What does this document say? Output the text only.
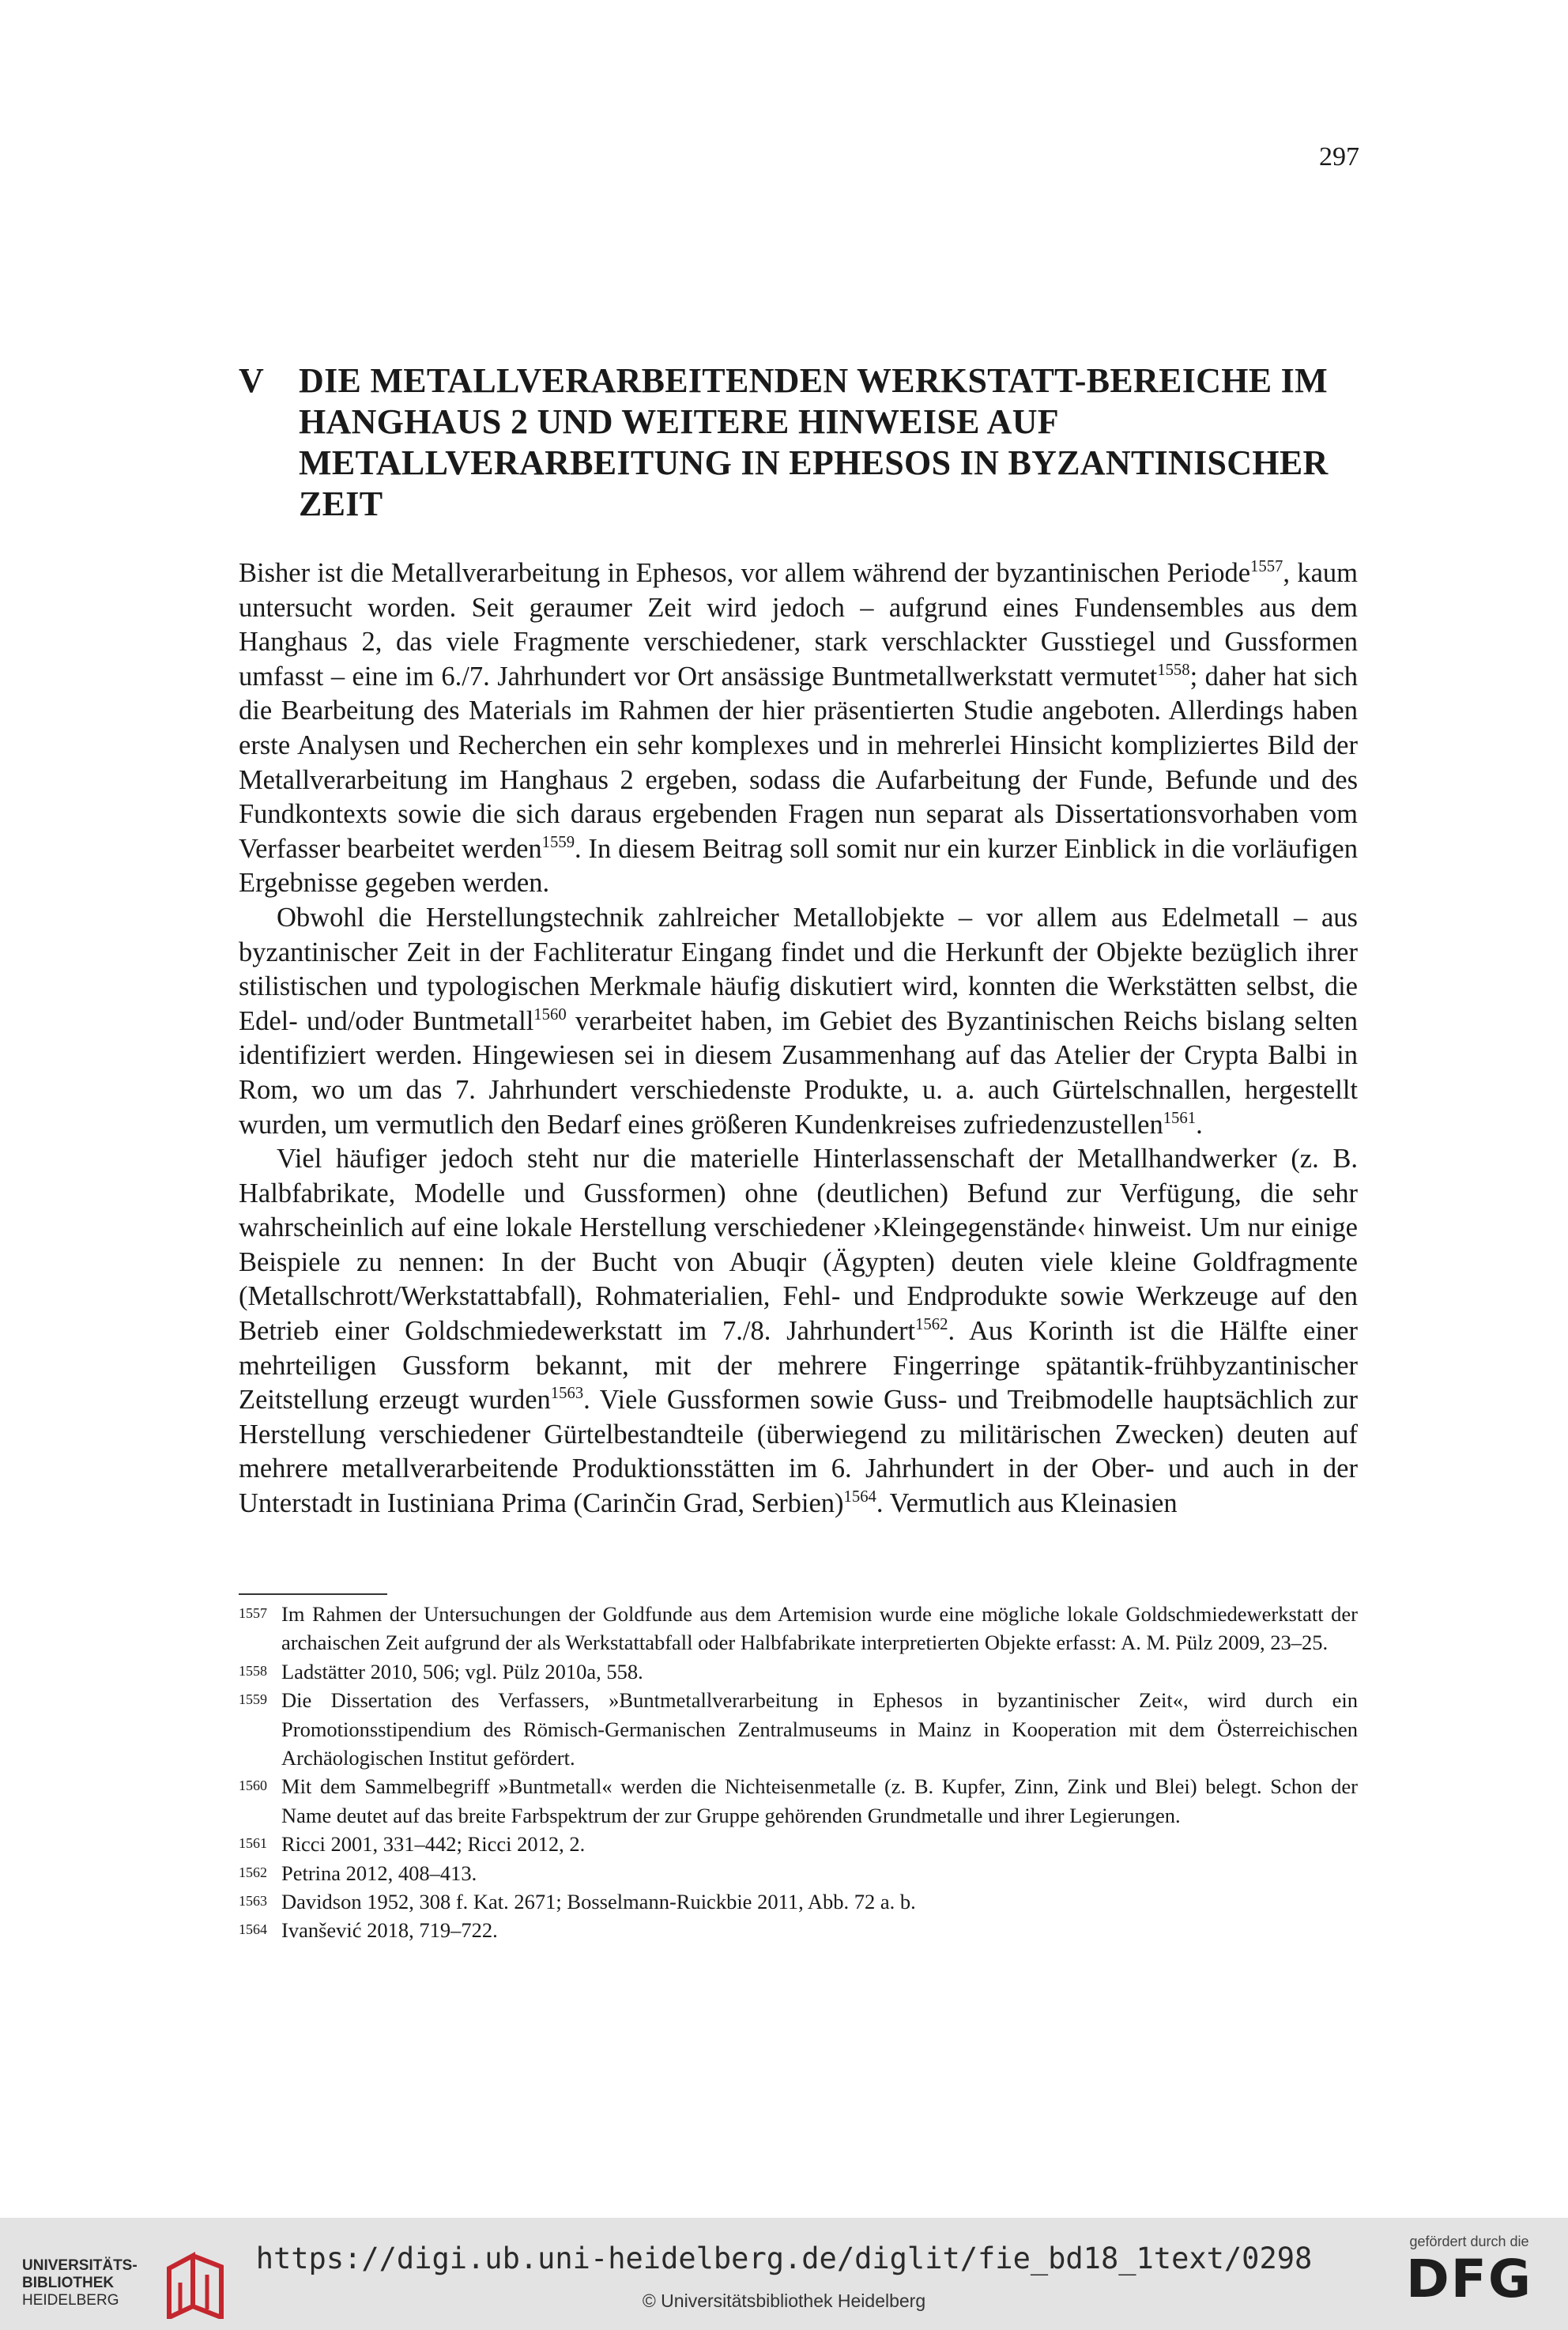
297
V DIE METALLVERARBEITENDEN WERKSTATT-BEREICHE IM HANGHAUS 2 UND WEITERE HINWEISE AUF METALLVERARBEITUNG IN EPHESOS IN BYZANTINISCHER ZEIT

Bisher ist die Metallverarbeitung in Ephesos, vor allem während der byzantinischen Periode$^{1557}$, kaum untersucht worden. Seit geraumer Zeit wird jedoch – aufgrund eines Fundensembles aus dem Hanghaus 2, das viele Fragmente verschiedener, stark verschlackter Gusstiegel und Gussformen umfasst – eine im 6./7. Jahrhundert vor Ort ansässige Buntmetallwerkstatt vermutet$^{1558}$; daher hat sich die Bearbeitung des Materials im Rahmen der hier präsentierten Studie angeboten. Allerdings haben erste Analysen und Recherchen ein sehr komplexes und in mehrerlei Hinsicht kompliziertes Bild der Metallverarbeitung im Hanghaus 2 ergeben, sodass die Aufarbeitung der Funde, Befunde und des Fundkontexts sowie die sich daraus ergebenden Fragen nun separat als Dissertationsvorhaben vom Verfasser bearbeitet werden$^{1559}$. In diesem Beitrag soll somit nur ein kurzer Einblick in die vorläufigen Ergebnisse gegeben werden.

Obwohl die Herstellungstechnik zahlreicher Metallobjekte – vor allem aus Edelmetall – aus byzantinischer Zeit in der Fachliteratur Eingang findet und die Herkunft der Objekte bezüglich ihrer stilistischen und typologischen Merkmale häufig diskutiert wird, konnten die Werkstätten selbst, die Edel- und/oder Buntmetall$^{1560}$ verarbeitet haben, im Gebiet des Byzantinischen Reichs bislang selten identifiziert werden. Hingewiesen sei in diesem Zusammenhang auf das Atelier der Crypta Balbi in Rom, wo um das 7. Jahrhundert verschiedenste Produkte, u. a. auch Gürtelschnallen, hergestellt wurden, um vermutlich den Bedarf eines größeren Kundenkreises zufriedenzustellen$^{1561}$.

Viel häufiger jedoch steht nur die materielle Hinterlassenschaft der Metallhandwerker (z. B. Halbfabrikate, Modelle und Gussformen) ohne (deutlichen) Befund zur Verfügung, die sehr wahrscheinlich auf eine lokale Herstellung verschiedener ›Kleingegenstände‹ hinweist. Um nur einige Beispiele zu nennen: In der Bucht von Abuqir (Ägypten) deuten viele kleine Goldfragmente (Metallschrott/Werkstattabfall), Rohmaterialien, Fehl- und Endprodukte sowie Werkzeuge auf den Betrieb einer Goldschmiedewerkstatt im 7./8. Jahrhundert$^{1562}$. Aus Korinth ist die Hälfte einer mehrteiligen Gussform bekannt, mit der mehrere Fingerringe spätantik-frühbyzantinischer Zeitstellung erzeugt wurden$^{1563}$. Viele Gussformen sowie Guss- und Treibmodelle hauptsächlich zur Herstellung verschiedener Gürtelbestandteile (überwiegend zu militärischen Zwecken) deuten auf mehrere metallverarbeitende Produktionsstätten im 6. Jahrhundert in der Ober- und auch in der Unterstadt in Iustiniana Prima (Carinčin Grad, Serbien)$^{1564}$. Vermutlich aus Kleinasien

1557 Im Rahmen der Untersuchungen der Goldfunde aus dem Artemision wurde eine mögliche lokale Goldschmiedewerkstatt der archaischen Zeit aufgrund der als Werkstattabfall oder Halbfabrikate interpretierten Objekte erfasst: A. M. Pülz 2009, 23–25.
1558 Ladstätter 2010, 506; vgl. Pülz 2010a, 558.
1559 Die Dissertation des Verfassers, »Buntmetallverarbeitung in Ephesos in byzantinischer Zeit«, wird durch ein Promotionsstipendium des Römisch-Germanischen Zentralmuseums in Mainz in Kooperation mit dem Österreichischen Archäologischen Institut gefördert.
1560 Mit dem Sammelbegriff »Buntmetall« werden die Nichteisenmetalle (z. B. Kupfer, Zinn, Zink und Blei) belegt. Schon der Name deutet auf das breite Farbspektrum der zur Gruppe gehörenden Grundmetalle und ihrer Legierungen.
1561 Ricci 2001, 331–442; Ricci 2012, 2.
1562 Petrina 2012, 408–413.
1563 Davidson 1952, 308 f. Kat. 2671; Bosselmann-Ruickbie 2011, Abb. 72 a. b.
1564 Ivanšević 2018, 719–722.
UNIVERSITÄTS-
BIBLIOTHEK
HEIDELBERG
https://digi.ub.uni-heidelberg.de/diglit/fie_bd18_1text/0298
© Universitätsbibliothek Heidelberg
gefördert durch die
DFG
